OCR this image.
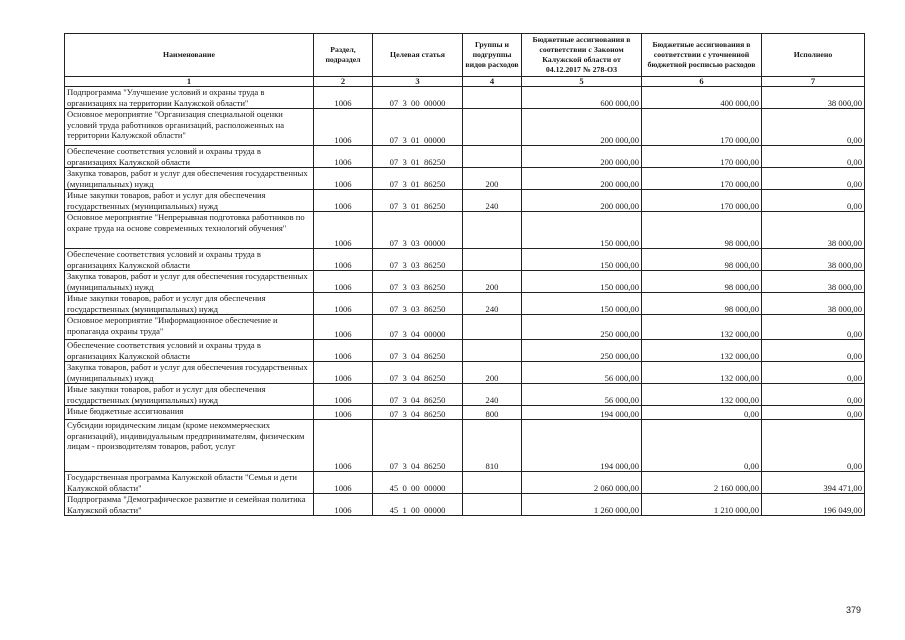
Наименование	Раздел, подраздел	Целевая статья	Группы и подгруппы видов расходов	Бюджетные ассигнования в соответствии с Законом Калужской области от 04.12.2017 № 278-ОЗ	Бюджетные ассигнования в соответствии с уточненной бюджетной росписью расходов	Исполнено
1	2	3	4	5	6	7
Подпрограмма "Улучшение условий и охраны труда в организациях на территории Калужской области"	1006	07  3  00  00000		600 000,00	400 000,00	38 000,00
Основное мероприятие "Организация специальной оценки условий труда работников организаций, расположенных на территории Калужской области"	1006	07  3  01  00000		200 000,00	170 000,00	0,00
Обеспечение соответствия условий и охраны труда в организациях Калужской области	1006	07  3  01  86250		200 000,00	170 000,00	0,00
Закупка товаров, работ и услуг для обеспечения государственных (муниципальных) нужд	1006	07  3  01  86250	200	200 000,00	170 000,00	0,00
Иные закупки товаров, работ и услуг для обеспечения государственных (муниципальных) нужд	1006	07  3  01  86250	240	200 000,00	170 000,00	0,00
Основное мероприятие "Непрерывная подготовка работников по охране труда на основе современных технологий обучения"	1006	07  3  03  00000		150 000,00	98 000,00	38 000,00
Обеспечение соответствия условий и охраны труда в организациях Калужской области	1006	07  3  03  86250		150 000,00	98 000,00	38 000,00
Закупка товаров, работ и услуг для обеспечения государственных (муниципальных) нужд	1006	07  3  03  86250	200	150 000,00	98 000,00	38 000,00
Иные закупки товаров, работ и услуг для обеспечения государственных (муниципальных) нужд	1006	07  3  03  86250	240	150 000,00	98 000,00	38 000,00
Основное мероприятие "Информационное обеспечение и пропаганда охраны труда"	1006	07  3  04  00000		250 000,00	132 000,00	0,00
Обеспечение соответствия условий и охраны труда в организациях Калужской области	1006	07  3  04  86250		250 000,00	132 000,00	0,00
Закупка товаров, работ и услуг для обеспечения государственных (муниципальных) нужд	1006	07  3  04  86250	200	56 000,00	132 000,00	0,00
Иные закупки товаров, работ и услуг для обеспечения государственных (муниципальных) нужд	1006	07  3  04  86250	240	56 000,00	132 000,00	0,00
Иные бюджетные ассигнования	1006	07  3  04  86250	800	194 000,00	0,00	0,00
Субсидии юридическим лицам (кроме некоммерческих организаций), индивидуальным предпринимателям, физическим лицам - производителям товаров, работ, услуг	1006	07  3  04  86250	810	194 000,00	0,00	0,00
Государственная программа Калужской области "Семья и дети Калужской области"	1006	45  0  00  00000		2 060 000,00	2 160 000,00	394 471,00
Подпрограмма "Демографическое развитие и семейная политика Калужской области"	1006	45  1  00  00000		1 260 000,00	1 210 000,00	196 049,00
379
